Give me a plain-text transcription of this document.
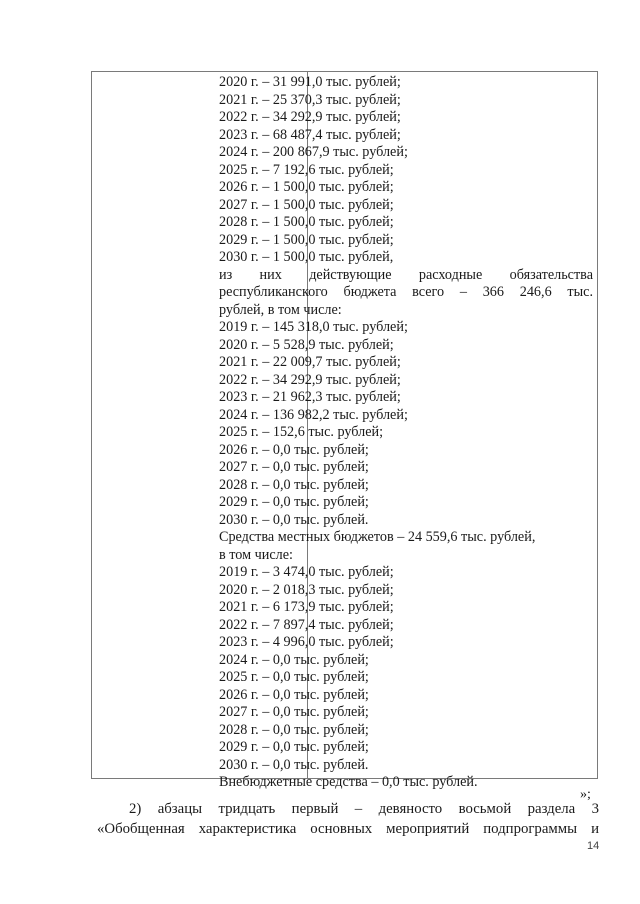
2020 г. – 31 991,0 тыс. рублей;
2021 г. – 25 370,3 тыс. рублей;
2022 г. – 34 292,9 тыс. рублей;
2023 г. – 68 487,4 тыс. рублей;
2024 г. – 200 867,9 тыс. рублей;
2025 г. – 7 192,6 тыс. рублей;
2026 г. – 1 500,0 тыс. рублей;
2027 г. – 1 500,0 тыс. рублей;
2028 г. – 1 500,0 тыс. рублей;
2029 г. – 1 500,0 тыс. рублей;
2030 г. – 1 500,0 тыс. рублей,
из них действующие расходные обязательства
республиканского бюджета всего – 366 246,6 тыс.
рублей, в том числе:
2019 г. – 145 318,0 тыс. рублей;
2020 г. – 5 528,9 тыс. рублей;
2021 г. – 22 009,7 тыс. рублей;
2022 г. – 34 292,9 тыс. рублей;
2023 г. – 21 962,3 тыс. рублей;
2024 г. – 136 982,2 тыс. рублей;
2025 г. – 152,6 тыс. рублей;
2026 г. – 0,0 тыс. рублей;
2027 г. – 0,0 тыс. рублей;
2028 г. – 0,0 тыс. рублей;
2029 г. – 0,0 тыс. рублей;
2030 г. – 0,0 тыс. рублей.
Средства местных бюджетов – 24 559,6 тыс. рублей,
в том числе:
2019 г. – 3 474,0 тыс. рублей;
2020 г. – 2 018,3 тыс. рублей;
2021 г. – 6 173,9 тыс. рублей;
2022 г. – 7 897,4 тыс. рублей;
2023 г. – 4 996,0 тыс. рублей;
2024 г. – 0,0 тыс. рублей;
2025 г. – 0,0 тыс. рублей;
2026 г. – 0,0 тыс. рублей;
2027 г. – 0,0 тыс. рублей;
2028 г. – 0,0 тыс. рублей;
2029 г. – 0,0 тыс. рублей;
2030 г. – 0,0 тыс. рублей.
Внебюджетные средства – 0,0 тыс. рублей.
»;
2) абзацы тридцать первый – девяносто восьмой раздела 3
«Обобщенная характеристика основных мероприятий подпрограммы и
14
